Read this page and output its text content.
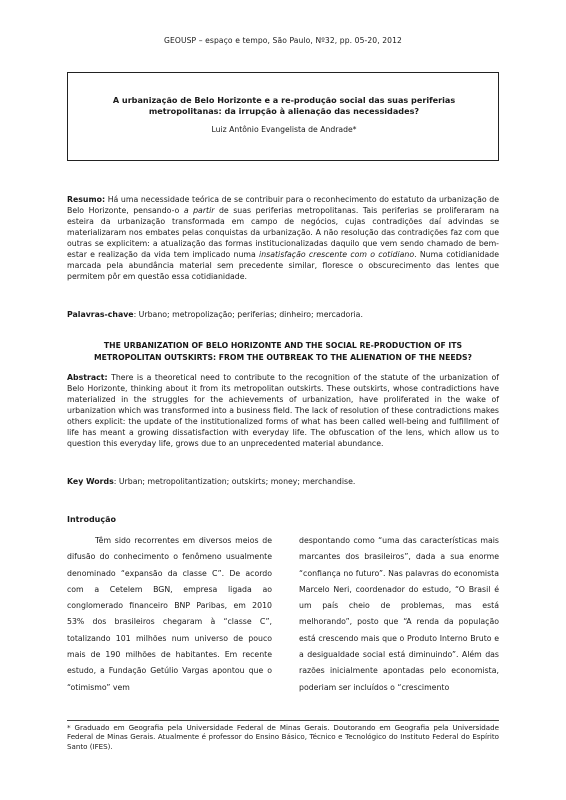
GEOUSP – espaço e tempo, São Paulo, Nº32, pp. 05-20, 2012
A urbanização de Belo Horizonte e a re-produção social das suas periferias
metropolitanas: da irrupção à alienação das necessidades?
Luiz Antônio Evangelista de Andrade*
Resumo: Há uma necessidade teórica de se contribuir para o reconhecimento do estatuto da urbanização de Belo Horizonte, pensando-o a partir de suas periferias metropolitanas. Tais periferias se proliferaram na esteira da urbanização transformada em campo de negócios, cujas contradições daí advindas se materializaram nos embates pelas conquistas da urbanização. A não resolução das contradições faz com que outras se explicitem: a atualização das formas institucionalizadas daquilo que vem sendo chamado de bem-estar e realização da vida tem implicado numa insatisfação crescente com o cotidiano. Numa cotidianidade marcada pela abundância material sem precedente similar, floresce o obscurecimento das lentes que permitem pôr em questão essa cotidianidade.
Palavras-chave: Urbano; metropolização; periferias; dinheiro; mercadoria.
THE URBANIZATION OF BELO HORIZONTE AND THE SOCIAL RE-PRODUCTION OF ITS
METROPOLITAN OUTSKIRTS: FROM THE OUTBREAK TO THE ALIENATION OF THE NEEDS?
Abstract: There is a theoretical need to contribute to the recognition of the statute of the urbanization of Belo Horizonte, thinking about it from its metropolitan outskirts. These outskirts, whose contradictions have materialized in the struggles for the achievements of urbanization, have proliferated in the wake of urbanization which was transformed into a business field. The lack of resolution of these contradictions makes others explicit: the update of the institutionalized forms of what has been called well-being and fulfillment of life has meant a growing dissatisfaction with everyday life. The obfuscation of the lens, which allow us to question this everyday life, grows due to an unprecedented material abundance.
Key Words: Urban; metropolitantization; outskirts; money; merchandise.
Introdução
Têm sido recorrentes em diversos meios de difusão do conhecimento o fenômeno usualmente denominado “expansão da classe C”. De acordo com a Cetelem BGN, empresa ligada ao conglomerado financeiro BNP Paribas, em 2010 53% dos brasileiros chegaram à “classe C”, totalizando 101 milhões num universo de pouco mais de 190 milhões de habitantes. Em recente estudo, a Fundação Getúlio Vargas apontou que o “otimismo” vem
despontando como “uma das características mais marcantes dos brasileiros”, dada a sua enorme “confiança no futuro”. Nas palavras do economista Marcelo Neri, coordenador do estudo, “O Brasil é um país cheio de problemas, mas está melhorando”, posto que “A renda da população está crescendo mais que o Produto Interno Bruto e a desigualdade social está diminuindo”. Além das razões inicialmente apontadas pelo economista, poderiam ser incluídos o “crescimento
* Graduado em Geografia pela Universidade Federal de Minas Gerais. Doutorando em Geografia pela Universidade Federal de Minas Gerais. Atualmente é professor do Ensino Básico, Técnico e Tecnológico do Instituto Federal do Espírito Santo (IFES).
